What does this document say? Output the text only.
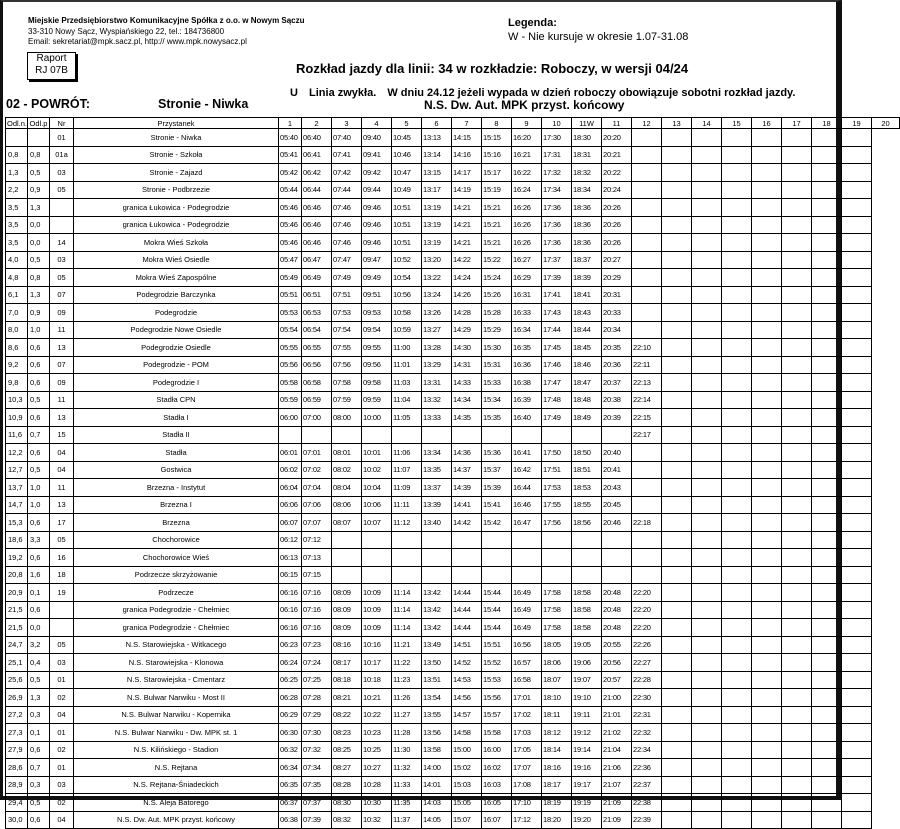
Miejskie Przedsiębiorstwo Komunikacyjne Spółka z o.o. w Nowym Sączu
33-310 Nowy Sącz, Wyspiańskiego 22, tel.: 184736800
Email: sekretariat@mpk.sacz.pl, http:// www.mpk.nowysacz.pl
Raport
RJ 07B
Legenda:
W - Nie kursuje w okresie 1.07-31.08
Rozkład jazdy dla linii: 34 w rozkładzie: Roboczy, w wersji 04/24
U Linia zwykła. W dniu 24.12 jeżeli wypada w dzień roboczy obowiązuje sobotni rozkład jazdy.
02 - POWRÓT:	Stronie - Niwka	N.S. Dw. Aut. MPK przyst. końcowy
Odl.n.	Odl.p	Nr	Przystanek	1	2	3	4	5	6	7	8	9	10	11W	11	12	13	14	15	16	17	18	19	20
		01	Stronie - Niwka	05:40	06:40	07:40	09:40	10:45	13:13	14:15	15:15	16:20	17:30	18:30	20:20									
0,8	0,8	01a	Stronie - Szkoła	05:41	06:41	07:41	09:41	10:46	13:14	14:16	15:16	16:21	17:31	18:31	20:21									
1,3	0,5	03	Stronie - Zajazd	05:42	06:42	07:42	09:42	10:47	13:15	14:17	15:17	16:22	17:32	18:32	20:22									
2,2	0,9	05	Stronie - Podbrzezie	05:44	06:44	07:44	09:44	10:49	13:17	14:19	15:19	16:24	17:34	18:34	20:24									
3,5	1,3		granica Łukowica - Podegrodzie	05:46	06:46	07:46	09:46	10:51	13:19	14:21	15:21	16:26	17:36	18:36	20:26									
3,5	0,0		granica Łukowica - Podegrodzie	05:46	06:46	07:46	09:46	10:51	13:19	14:21	15:21	16:26	17:36	18:36	20:26									
3,5	0,0	14	Mokra Wieś Szkoła	05:46	06:46	07:46	09:46	10:51	13:19	14:21	15:21	16:26	17:36	18:36	20:26									
4,0	0,5	03	Mokra Wieś Osiedle	05:47	06:47	07:47	09:47	10:52	13:20	14:22	15:22	16:27	17:37	18:37	20:27									
4,8	0,8	05	Mokra Wieś Zapospólne	05:49	06:49	07:49	09:49	10:54	13:22	14:24	15:24	16:29	17:39	18:39	20:29									
6,1	1,3	07	Podegrodzie Barczynka	05:51	06:51	07:51	09:51	10:56	13:24	14:26	15:26	16:31	17:41	18:41	20:31									
7,0	0,9	09	Podegrodzie	05:53	06:53	07:53	09:53	10:58	13:26	14:28	15:28	16:33	17:43	18:43	20:33									
8,0	1,0	11	Podegrodzie Nowe Osiedle	05:54	06:54	07:54	09:54	10:59	13:27	14:29	15:29	16:34	17:44	18:44	20:34									
8,6	0,6	13	Podegrodzie Osiedle	05:55	06:55	07:55	09:55	11:00	13:28	14:30	15:30	16:35	17:45	18:45	20:35	22:10								
9,2	0,6	07	Podegrodzie - POM	05:56	06:56	07:56	09:56	11:01	13:29	14:31	15:31	16:36	17:46	18:46	20:36	22:11								
9,8	0,6	09	Podegrodzie I	05:58	06:58	07:58	09:58	11:03	13:31	14:33	15:33	16:38	17:47	18:47	20:37	22:13								
10,3	0,5	11	Stadła CPN	05:59	06:59	07:59	09:59	11:04	13:32	14:34	15:34	16:39	17:48	18:48	20:38	22:14								
10,9	0,6	13	Stadła I	06:00	07:00	08:00	10:00	11:05	13:33	14:35	15:35	16:40	17:49	18:49	20:39	22:15								
11,6	0,7	15	Stadła II													22:17								
12,2	0,6	04	Stadła	06:01	07:01	08:01	10:01	11:06	13:34	14:36	15:36	16:41	17:50	18:50	20:40									
12,7	0,5	04	Gostwica	06:02	07:02	08:02	10:02	11:07	13:35	14:37	15:37	16:42	17:51	18:51	20:41									
13,7	1,0	11	Brzezna - Instytut	06:04	07:04	08:04	10:04	11:09	13:37	14:39	15:39	16:44	17:53	18:53	20:43									
14,7	1,0	13	Brzezna I	06:06	07:06	08:06	10:06	11:11	13:39	14:41	15:41	16:46	17:55	18:55	20:45									
15,3	0,6	17	Brzezna	06:07	07:07	08:07	10:07	11:12	13:40	14:42	15:42	16:47	17:56	18:56	20:46	22:18								
18,6	3,3	05	Chochorowice	06:12	07:12																			
19,2	0,6	16	Chochorowice Wieś	06:13	07:13																			
20,8	1,6	18	Podrzecze skrzyżowanie	06:15	07:15																			
20,9	0,1	19	Podrzecze	06:16	07:16	08:09	10:09	11:14	13:42	14:44	15:44	16:49	17:58	18:58	20:48	22:20								
21,5	0,6		granica Podegrodzie - Chełmiec	06:16	07:16	08:09	10:09	11:14	13:42	14:44	15:44	16:49	17:58	18:58	20:48	22:20								
21,5	0,0		granica Podegrodzie - Chełmiec	06:16	07:16	08:09	10:09	11:14	13:42	14:44	15:44	16:49	17:58	18:58	20:48	22:20								
24,7	3,2	05	N.S. Starowiejska - Witkacego	06:23	07:23	08:16	10:16	11:21	13:49	14:51	15:51	16:56	18:05	19:05	20:55	22:26								
25,1	0,4	03	N.S. Starowiejska - Klonowa	06:24	07:24	08:17	10:17	11:22	13:50	14:52	15:52	16:57	18:06	19:06	20:56	22:27								
25,6	0,5	01	N.S. Starowiejska - Cmentarz	06:25	07:25	08:18	10:18	11:23	13:51	14:53	15:53	16:58	18:07	19:07	20:57	22:28								
26,9	1,3	02	N.S. Bulwar Narwiku - Most II	06:28	07:28	08:21	10:21	11:26	13:54	14:56	15:56	17:01	18:10	19:10	21:00	22:30								
27,2	0,3	04	N.S. Bulwar Narwiku - Kopernika	06:29	07:29	08:22	10:22	11:27	13:55	14:57	15:57	17:02	18:11	19:11	21:01	22:31								
27,3	0,1	01	N.S. Bulwar Narwiku - Dw. MPK st. 1	06:30	07:30	08:23	10:23	11:28	13:56	14:58	15:58	17:03	18:12	19:12	21:02	22:32								
27,9	0,6	02	N.S. Kilińskiego - Stadion	06:32	07:32	08:25	10:25	11:30	13:58	15:00	16:00	17:05	18:14	19:14	21:04	22:34								
28,6	0,7	01	N.S. Rejtana	06:34	07:34	08:27	10:27	11:32	14:00	15:02	16:02	17:07	18:16	19:16	21:06	22:36								
28,9	0,3	03	N.S. Rejtana-Śniadeckich	06:35	07:35	08:28	10:28	11:33	14:01	15:03	16:03	17:08	18:17	19:17	21:07	22:37								
29,4	0,5	02	N.S. Aleja Batorego	06:37	07:37	08:30	10:30	11:35	14:03	15:05	16:05	17:10	18:19	19:19	21:09	22:38								
30,0	0,6	04	N.S. Dw. Aut. MPK przyst. końcowy	06:38	07:39	08:32	10:32	11:37	14:05	15:07	16:07	17:12	18:20	19:20	21:09	22:39								
